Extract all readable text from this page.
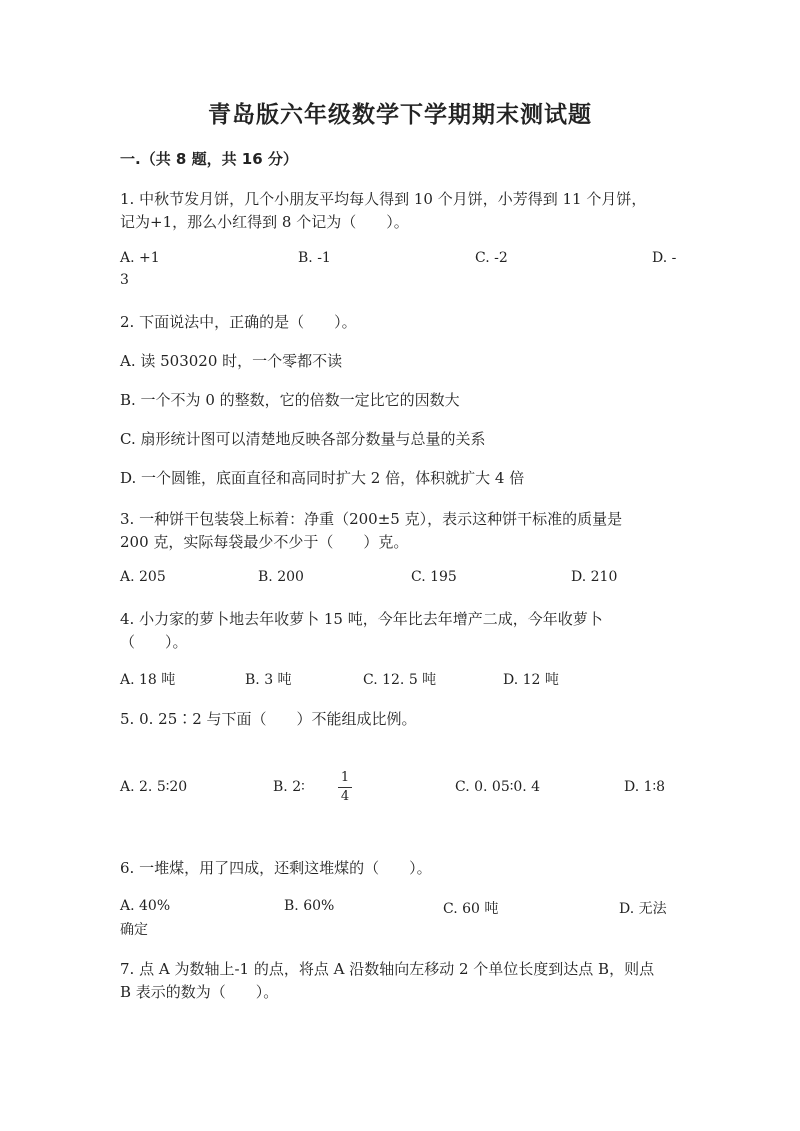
青岛版六年级数学下学期期末测试题
一.（共 8 题，共 16 分）
1. 中秋节发月饼，几个小朋友平均每人得到 10 个月饼，小芳得到 11 个月饼，
记为+1，那么小红得到 8 个记为（　　）。
A. +1	B. -1	C. -2	D. -
3
2. 下面说法中，正确的是（　　）。
A. 读 503020 时，一个零都不读
B. 一个不为 0 的整数，它的倍数一定比它的因数大
C. 扇形统计图可以清楚地反映各部分数量与总量的关系
D. 一个圆锥，底面直径和高同时扩大 2 倍，体积就扩大 4 倍
3. 一种饼干包装袋上标着：净重（200±5 克），表示这种饼干标准的质量是
200 克，实际每袋最少不少于（　　）克。
A. 205	B. 200	C. 195	D. 210
4. 小力家的萝卜地去年收萝卜 15 吨，今年比去年增产二成，今年收萝卜
（　　）。
A. 18 吨	B. 3 吨	C. 12. 5 吨	D. 12 吨
5. 0. 25∶2 与下面（　　）不能组成比例。
A. 2. 5∶20	B. 2∶
1
4
C. 0. 05∶0. 4	D. 1∶8
6. 一堆煤，用了四成，还剩这堆煤的（　　）。
A. 40%	B. 60%	C. 60 吨	D. 无法
确定
7. 点 A 为数轴上-1 的点，将点 A 沿数轴向左移动 2 个单位长度到达点 B，则点
B 表示的数为（　　）。
